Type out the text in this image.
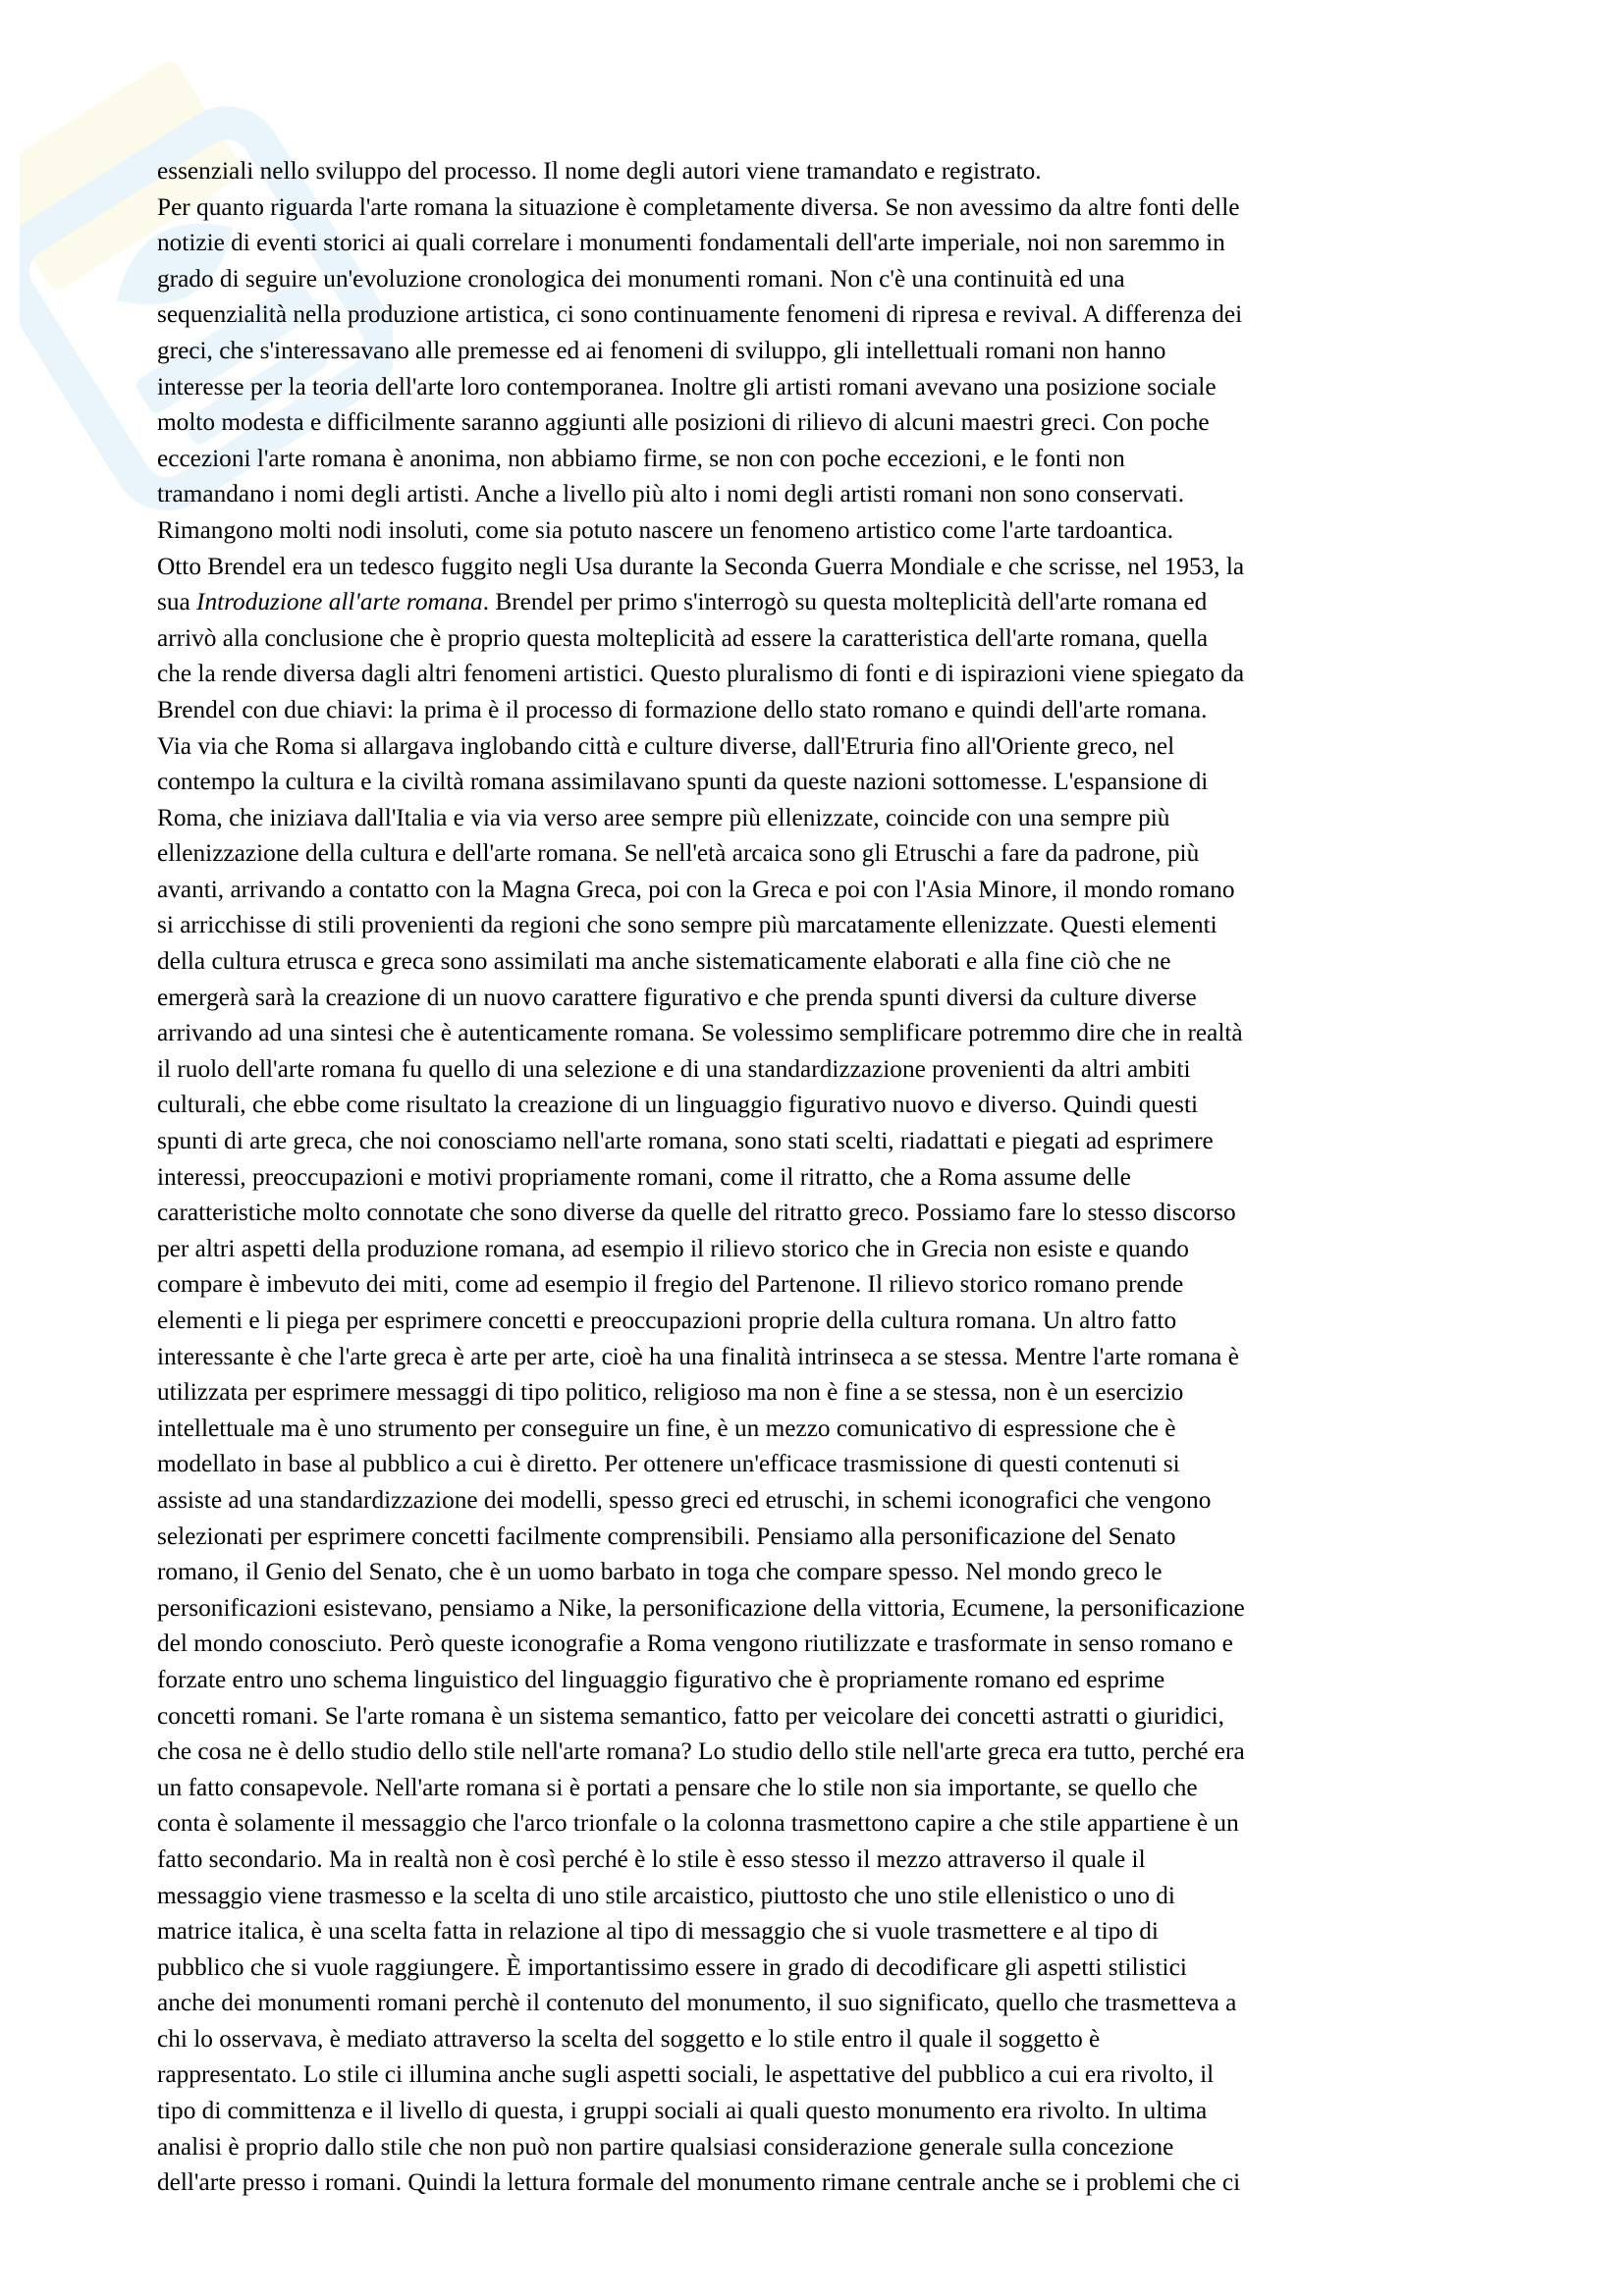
essenziali nello sviluppo del processo. Il nome degli autori viene tramandato e registrato.
Per quanto riguarda l'arte romana la situazione è completamente diversa. Se non avessimo da altre fonti delle
notizie di eventi storici ai quali correlare i monumenti fondamentali dell'arte imperiale, noi non saremmo in
grado di seguire un'evoluzione cronologica dei monumenti romani. Non c'è una continuità ed una
sequenzialità nella produzione artistica, ci sono continuamente fenomeni di ripresa e revival. A differenza dei
greci, che s'interessavano alle premesse ed ai fenomeni di sviluppo, gli intellettuali romani non hanno
interesse per la teoria dell'arte loro contemporanea. Inoltre gli artisti romani avevano una posizione sociale
molto modesta e difficilmente saranno aggiunti alle posizioni di rilievo di alcuni maestri greci. Con poche
eccezioni l'arte romana è anonima, non abbiamo firme, se non con poche eccezioni, e le fonti non
tramandano i nomi degli artisti. Anche a livello più alto i nomi degli artisti romani non sono conservati.
Rimangono molti nodi insoluti, come sia potuto nascere un fenomeno artistico come l'arte tardoantica.
Otto Brendel era un tedesco fuggito negli Usa durante la Seconda Guerra Mondiale e che scrisse, nel 1953, la
sua Introduzione all'arte romana. Brendel per primo s'interrogò su questa molteplicità dell'arte romana ed
arrivò alla conclusione che è proprio questa molteplicità ad essere la caratteristica dell'arte romana, quella
che la rende diversa dagli altri fenomeni artistici. Questo pluralismo di fonti e di ispirazioni viene spiegato da
Brendel con due chiavi: la prima è il processo di formazione dello stato romano e quindi dell'arte romana.
Via via che Roma si allargava inglobando città e culture diverse, dall'Etruria fino all'Oriente greco, nel
contempo la cultura e la civiltà romana assimilavano spunti da queste nazioni sottomesse. L'espansione di
Roma, che iniziava dall'Italia e via via verso aree sempre più ellenizzate, coincide con una sempre più
ellenizzazione della cultura e dell'arte romana. Se nell'età arcaica sono gli Etruschi a fare da padrone, più
avanti, arrivando a contatto con la Magna Greca, poi con la Greca e poi con l'Asia Minore, il mondo romano
si arricchisse di stili provenienti da regioni che sono sempre più marcatamente ellenizzate. Questi elementi
della cultura etrusca e greca sono assimilati ma anche sistematicamente elaborati e alla fine ciò che ne
emergerà sarà la creazione di un nuovo carattere figurativo e che prenda spunti diversi da culture diverse
arrivando ad una sintesi che è autenticamente romana. Se volessimo semplificare potremmo dire che in realtà
il ruolo dell'arte romana fu quello di una selezione e di una standardizzazione provenienti da altri ambiti
culturali, che ebbe come risultato la creazione di un linguaggio figurativo nuovo e diverso. Quindi questi
spunti di arte greca, che noi conosciamo nell'arte romana, sono stati scelti, riadattati e piegati ad esprimere
interessi, preoccupazioni e motivi propriamente romani, come il ritratto, che a Roma assume delle
caratteristiche molto connotate che sono diverse da quelle del ritratto greco. Possiamo fare lo stesso discorso
per altri aspetti della produzione romana, ad esempio il rilievo storico che in Grecia non esiste e quando
compare è imbevuto dei miti, come ad esempio il fregio del Partenone. Il rilievo storico romano prende
elementi e li piega per esprimere concetti e preoccupazioni proprie della cultura romana. Un altro fatto
interessante è che l'arte greca è arte per arte, cioè ha una finalità intrinseca a se stessa. Mentre l'arte romana è
utilizzata per esprimere messaggi di tipo politico, religioso ma non è fine a se stessa, non è un esercizio
intellettuale ma è uno strumento per conseguire un fine, è un mezzo comunicativo di espressione che è
modellato in base al pubblico a cui è diretto. Per ottenere un'efficace trasmissione di questi contenuti si
assiste ad una standardizzazione dei modelli, spesso greci ed etruschi, in schemi iconografici che vengono
selezionati per esprimere concetti facilmente comprensibili. Pensiamo alla personificazione del Senato
romano, il Genio del Senato, che è un uomo barbato in toga che compare spesso. Nel mondo greco le
personificazioni esistevano, pensiamo a Nike, la personificazione della vittoria, Ecumene, la personificazione
del mondo conosciuto. Però queste iconografie a Roma vengono riutilizzate e trasformate in senso romano e
forzate entro uno schema linguistico del linguaggio figurativo che è propriamente romano ed esprime
concetti romani. Se l'arte romana è un sistema semantico, fatto per veicolare dei concetti astratti o giuridici,
che cosa ne è dello studio dello stile nell'arte romana? Lo studio dello stile nell'arte greca era tutto, perché era
un fatto consapevole. Nell'arte romana si è portati a pensare che lo stile non sia importante, se quello che
conta è solamente il messaggio che l'arco trionfale o la colonna trasmettono capire a che stile appartiene è un
fatto secondario. Ma in realtà non è così perché è lo stile è esso stesso il mezzo attraverso il quale il
messaggio viene trasmesso e la scelta di uno stile arcaistico, piuttosto che uno stile ellenistico o uno di
matrice italica, è una scelta fatta in relazione al tipo di messaggio che si vuole trasmettere e al tipo di
pubblico che si vuole raggiungere. È importantissimo essere in grado di decodificare gli aspetti stilistici
anche dei monumenti romani perchè il contenuto del monumento, il suo significato, quello che trasmetteva a
chi lo osservava, è mediato attraverso la scelta del soggetto e lo stile entro il quale il soggetto è
rappresentato. Lo stile ci illumina anche sugli aspetti sociali, le aspettative del pubblico a cui era rivolto, il
tipo di committenza e il livello di questa, i gruppi sociali ai quali questo monumento era rivolto. In ultima
analisi è proprio dallo stile che non può non partire qualsiasi considerazione generale sulla concezione
dell'arte presso i romani. Quindi la lettura formale del monumento rimane centrale anche se i problemi che ci
